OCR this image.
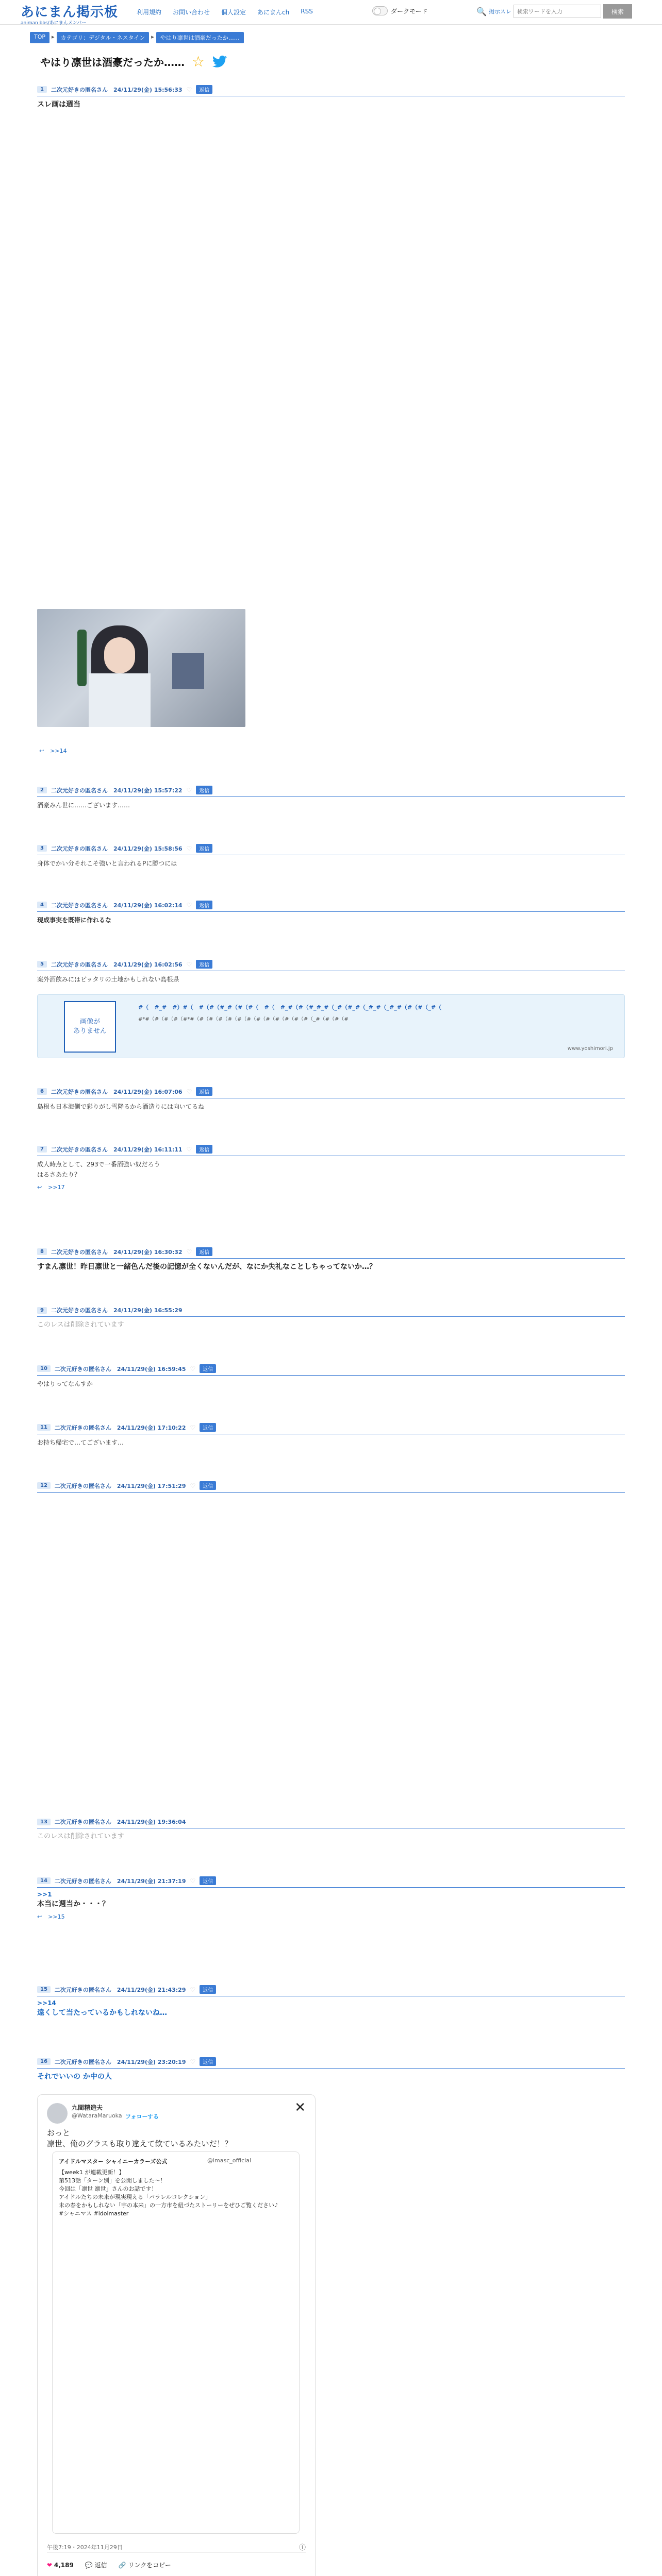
あにまん掲示板
animan bbs/あにまんメンバー
利用規約 お問い合わせ 個人設定 あにまんch RSS	ダークモード	🔍 掲示スレ
検索ワードを入力	検索
TOP	▸	カテゴリ：デジタル・ネスタイン	▸	やはり凛世は酒豪だったか……
やはり凛世は酒豪だったか…… ☆
1	二次元好きの匿名さん　24/11/29(金) 15:56:33 ♡	返信
スレ画は週当
↩ >>14
2	二次元好きの匿名さん　24/11/29(金) 15:57:22 ♡	返信
酒豪みん世に……ございます……
3	二次元好きの匿名さん　24/11/29(金) 15:58:56 ♡	返信
身体でかい分それこそ強いと言われるPに勝つには
4	二次元好きの匿名さん　24/11/29(金) 16:02:14 ♡	返信
現成事実を既帯に作れるな
5	二次元好きの匿名さん　24/11/29(金) 16:02:56 ♡	返信
案外酒飲みにはピッタリの土地かもしれない島根県
画像が
ありません
#（　#_#　#）#（　#（#（#_#（#（#（　#（　#_#（#（#_#_#（_#（#_#（_#_#（_#_#（#（#（_#（
#*#（#（#（#（#*#（#（#（#（#（#（#（#（#（#（#（#（#（_#（#（#（#
www.yoshimori.jp
6	二次元好きの匿名さん　24/11/29(金) 16:07:06 ♡	返信
島根も日本海側で彩りがし雪降るから酒造りには向いてるね
7	二次元好きの匿名さん　24/11/29(金) 16:11:11 ♡	返信
成人時点として、293で一番酒強い奴だろう
はるさあたり？
↩ >>17
8	二次元好きの匿名さん　24/11/29(金) 16:30:32 ♡	返信
すまん凛世！昨日凛世と一緒色んだ後の記憶が全くないんだが、なにか失礼なことしちゃってないか…？
9	二次元好きの匿名さん　24/11/29(金) 16:55:29
このレスは削除されています
10	二次元好きの匿名さん　24/11/29(金) 16:59:45 ♡	返信
やはりってなんすか
11	二次元好きの匿名さん　24/11/29(金) 17:10:22 ♡	返信
お持ち帰宅で…てございます…
12	二次元好きの匿名さん　24/11/29(金) 17:51:29 ♡	返信
13	二次元好きの匿名さん　24/11/29(金) 19:36:04
このレスは削除されています
14	二次元好きの匿名さん　24/11/29(金) 21:37:19 ♡	返信
>>1
本当に週当か・・・？
↩ >>15
15	二次元好きの匿名さん　24/11/29(金) 21:43:29 ♡	返信
>>14
遠くして当たっているかもしれないね…
16	二次元好きの匿名さん　24/11/29(金) 23:20:19 ♡	返信
それでいいの か中の人
九間精造夫
@WataraMaruoka フォローする
✕
おっと
凛世、俺のグラスも取り違えて飲ているみたいだ！？
アイドルマスター シャイニーカラーズ公式	@imasc_official
【week1 が連載更新！】
第513話「ターン別」を公開しました〜！
今回は「凛世 凛世」さんのお話です！
アイドルたちの未来が現実現える「パラレルコレクション」
未の春をかもしれない「宇の本来」の一方市を紐づたストーリーをぜひご覧ください♪
#シャニマス #idolmaster
午後7:19・2024年11月29日	ⓘ
❤ 4,189 💬 返信 🔗 リンクをコピー
